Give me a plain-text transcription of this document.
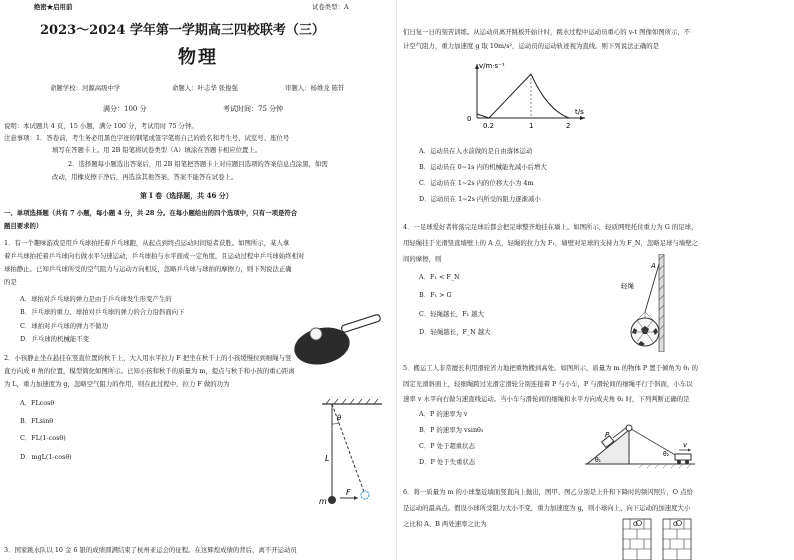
绝密★启用前	试卷类型：A
2023～2024 学年第一学期高三四校联考（三）
物理
命题学校：河源高级中学	命题人：叶志华 张俊强	审题人：杨维龙 陈钎
满分：100 分	考试时间：75 分钟
说明：本试题共 4 页，15 小题，满分 100 分，考试用时 75 分钟。
注意事项：1．答卷前，考生务必用黑色字迹的钢笔或签字笔将自己的姓名和考生号、试室号、座位号
填写在答题卡上。用 2B 铅笔将试卷类型（A）填涂在答题卡相应位置上。
2．选择题每小题选出答案后，用 2B 铅笔把答题卡上对应题目选项的答案信息点涂黑，如需
改动，用橡皮擦干净后，再选涂其他答案，答案不能答在试卷上。
第 I 卷（选择题，共 46 分）
一、单项选择题（共有 7 小题，每小题 4 分，共 28 分。在每小题给出的四个选项中，只有一项是符合
题目要求的）
1．有一个趣味游戏是用乒乓球拍托着乒乓球跑，从起点到终点运动时间短者获胜。如图所示，某人拿
着乒乓球拍托着乒乓球向右做水平匀速运动，乒乓球拍与水平面成一定角度，且运动过程中乒乓球始终相对
球拍静止。已知乒乓球所受的空气阻力与运动方向相反，忽略乒乓球与球拍的摩擦力，则下列说法正确
的是
A．球拍对乒乓球的弹力是由于乒乓球发生形变产生的
B．乒乓球的重力、球拍对乒乓球的弹力的合力沿斜面向下
C．球拍对乒乓球的弹力不做功
D．乒乓球的机械能不变
2．小孩静止坐在悬挂在竖直位置的秋千上，大人用水平拉力 F 把坐在秋千上的小孩缓慢拉到细绳与竖
直方向成 θ 角的位置，模型简化如图所示。已知小孩和秋千的质量为 m，提点与秋千和小孩的重心距离
为 L，重力加速度为 g，忽略空气阻力的作用，则在此过程中，拉力 F 做的功为
A．FLcosθ
B．FLsinθ
C．FL(1-cosθ)
D．mgL(1-cosθ)
θ
L
m
F
3．国家跳水队以 10 金 6 银的成绩圆满结束了杭州亚运会的征程。在这辉煌成绩的背后，离不开运动员
们日复一日的刻苦训练。从运动员离开跳板开始计时，跳水过程中运动员重心的 v-t 图像如图所示，不
计空气阻力，重力加速度 g 取 10m/s²，运动员的运动轨迹视为直线。则下列说法正确的是
v/m·s⁻¹
t/s
0
0.2	1	2
A．运动员在入水前做的是自由落体运动
B．运动员在 0~1s 内的机械能先减小后增大
C．运动员在 1~2s 内的位移大小为 4m
D．运动员在 1~2s 内所受的阻力逐渐减小
4．一足球爱好者将落完足球后都会把足球整齐地挂在墙上。如图所示，轻质网兜托住重力为 G 的足球，
用轻绳挂于光滑竖直墙壁上的 A 点，轻绳的拉力为 F₁，墙壁对足球的支持力为 F_N，忽略足球与墙壁之
间的摩擦，则
A．F₁ < F_N
B．F₁ > G
C．轻绳越长，F₁ 越大
D．轻绳越长，F_N 越大
A
轻绳
5．搬运工人非常擅长利用滑轮省力地把重物搬到高处。如图所示，质量为 m 的物体 P 置于倾角为 θ₁ 的
固定光滑斜面上，轻细绳跨过光滑定滑轮分别连接着 P 与小车，P 与滑轮间的细绳平行于斜面，小车以
速率 v 水平向右做匀速直线运动。当小车与滑轮间的细绳和水平方向成夹角 θ₂ 时，下列判断正确的是
A．P 的速率为 v
B．P 的速率为 vsinθ₂
C．P 处于超重状态
D．P 处于失重状态
P
v
θ₁
θ₂
6．将一质量为 m 的小球靠近墙面竖直向上抛出，图甲、图乙分别是上升和下降时的频闪照片，O 点恰
是运动的最高点。假设小球所受阻力大小不变，重力加速度为 g，则小球向上、向下运动的加速度大小
之比和 A、B 两处速率之比为	O	O
